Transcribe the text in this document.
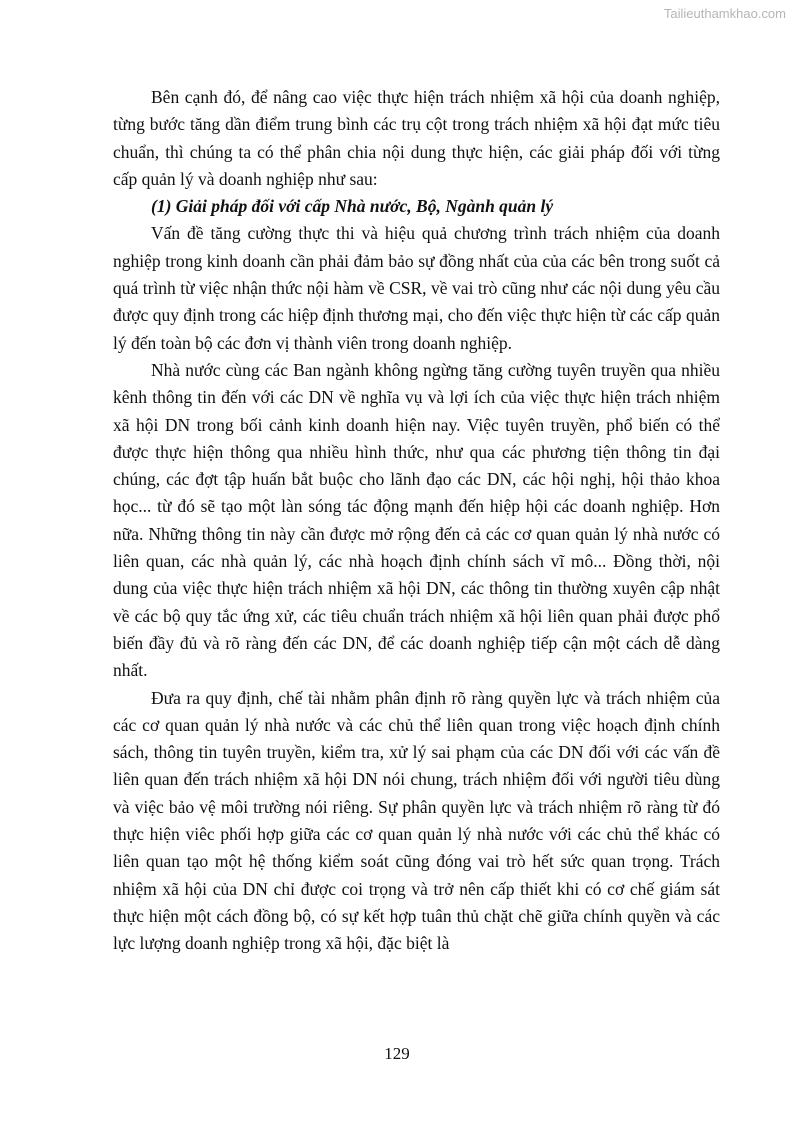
Tailieuthamkhao.com

Bên cạnh đó, để nâng cao việc thực hiện trách nhiệm xã hội của doanh nghiệp, từng bước tăng dần điểm trung bình các trụ cột trong trách nhiệm xã hội đạt mức tiêu chuẩn, thì chúng ta có thể phân chia nội dung thực hiện, các giải pháp đối với từng cấp quản lý và doanh nghiệp như sau:

(1) Giải pháp đối với cấp Nhà nước, Bộ, Ngành quản lý

Vấn đề tăng cường thực thi và hiệu quả chương trình trách nhiệm của doanh nghiệp trong kinh doanh cần phải đảm bảo sự đồng nhất của của các bên trong suốt cả quá trình từ việc nhận thức nội hàm về CSR, về vai trò cũng như các nội dung yêu cầu được quy định trong các hiệp định thương mại, cho đến việc thực hiện từ các cấp quản lý đến toàn bộ các đơn vị thành viên trong doanh nghiệp.

Nhà nước cùng các Ban ngành không ngừng tăng cường tuyên truyền qua nhiều kênh thông tin đến với các DN về nghĩa vụ và lợi ích của việc thực hiện trách nhiệm xã hội DN trong bối cảnh kinh doanh hiện nay. Việc tuyên truyền, phổ biến có thể được thực hiện thông qua nhiều hình thức, như qua các phương tiện thông tin đại chúng, các đợt tập huấn bắt buộc cho lãnh đạo các DN, các hội nghị, hội thảo khoa học... từ đó sẽ tạo một làn sóng tác động mạnh đến hiệp hội các doanh nghiệp. Hơn nữa. Những thông tin này cần được mở rộng đến cả các cơ quan quản lý nhà nước có liên quan, các nhà quản lý, các nhà hoạch định chính sách vĩ mô... Đồng thời, nội dung của việc thực hiện trách nhiệm xã hội DN, các thông tin thường xuyên cập nhật về các bộ quy tắc ứng xử, các tiêu chuẩn trách nhiệm xã hội liên quan phải được phổ biến đầy đủ và rõ ràng đến các DN, để các doanh nghiệp tiếp cận một cách dễ dàng nhất.

Đưa ra quy định, chế tài nhằm phân định rõ ràng quyền lực và trách nhiệm của các cơ quan quản lý nhà nước và các chủ thể liên quan trong việc hoạch định chính sách, thông tin tuyên truyền, kiểm tra, xử lý sai phạm của các DN đối với các vấn đề liên quan đến trách nhiệm xã hội DN nói chung, trách nhiệm đối với người tiêu dùng và việc bảo vệ môi trường nói riêng. Sự phân quyền lực và trách nhiệm rõ ràng từ đó thực hiện viêc phối hợp giữa các cơ quan quản lý nhà nước với các chủ thể khác có liên quan tạo một hệ thống kiểm soát cũng đóng vai trò hết sức quan trọng. Trách nhiệm xã hội của DN chỉ được coi trọng và trở nên cấp thiết khi có cơ chế giám sát thực hiện một cách đồng bộ, có sự kết hợp tuân thủ chặt chẽ giữa chính quyền và các lực lượng doanh nghiệp trong xã hội, đặc biệt là

129
